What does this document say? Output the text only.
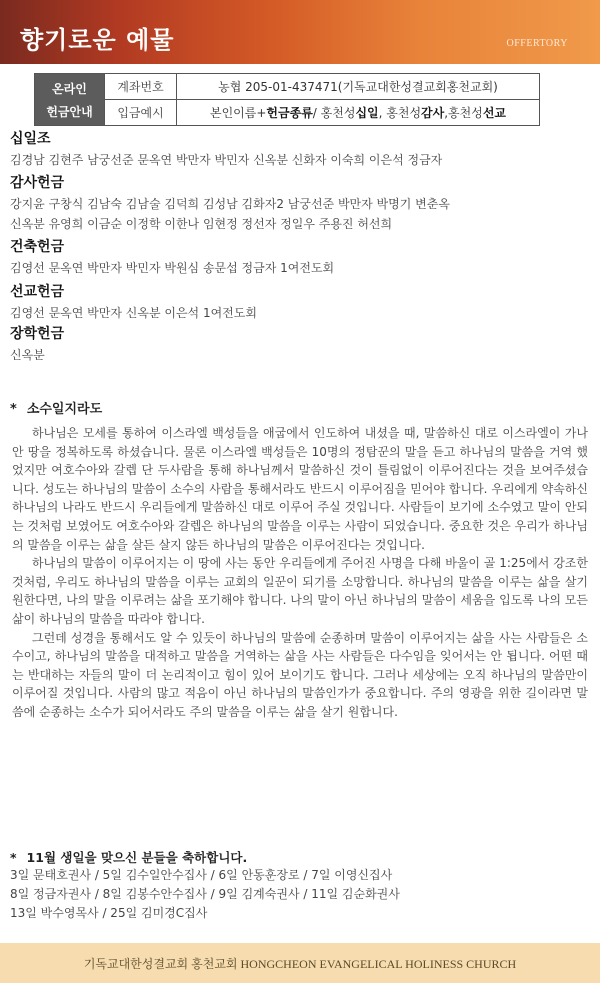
향기로운 예물	OFFERTORY
온라인
헌금안내	계좌번호	농협 205-01-437471(기독교대한성결교회홍천교회)
	입금예시	본인이름+헌금종류/ 홍천성십일, 홍천성감사,홍천성선교
십일조
김경남 김현주 남궁선준 문옥연 박만자 박민자 신옥분 신화자 이숙희 이은석 정금자
감사헌금
강지윤 구창식 김남숙 김남술 김덕희 김성남 김화자2 남궁선준 박만자 박명기 변춘옥
신옥분 유영희 이금순 이정학 이한나 임현정 정선자 정일우 주용진 허선희
건축헌금
김영선 문옥연 박만자 박민자 박원심 송문섭 정금자 1여전도회
선교헌금
김영선 문옥연 박만자 신옥분 이은석 1여전도회
장학헌금
신옥분
* 소수일지라도

하나님은 모세를 통하여 이스라엘 백성들을 애굽에서 인도하여 내셨을 때, 말씀하신 대로 이스라엘이 가나안 땅을 정복하도록 하셨습니다. 물론 이스라엘 백성들은 10명의 정탐꾼의 말을 듣고 하나님의 말씀을 거역 했었지만 여호수아와 갈렙 단 두사람을 통해 하나님께서 말씀하신 것이 틀림없이 이루어진다는 것을 보여주셨습니다. 성도는 하나님의 말씀이 소수의 사람을 통해서라도 반드시 이루어짐을 믿어야 합니다. 우리에게 약속하신 하나님의 나라도 반드시 우리들에게 말씀하신 대로 이루어 주실 것입니다. 사람들이 보기에 소수였고 말이 안되는 것처럼 보였어도 여호수아와 갈렙은 하나님의 말씀을 이루는 사람이 되었습니다. 중요한 것은 우리가 하나님의 말씀을 이루는 삶을 살든 살지 않든 하나님의 말씀은 이루어진다는 것입니다.

하나님의 말씀이 이루어지는 이 땅에 사는 동안 우리들에게 주어진 사명을 다해 바울이 골 1:25에서 강조한 것처럼, 우리도 하나님의 말씀을 이루는 교회의 일꾼이 되기를 소망합니다. 하나님의 말씀을 이루는 삶을 살기 원한다면, 나의 말을 이루려는 삶을 포기해야 합니다. 나의 말이 아닌 하나님의 말씀이 세움을 입도록 나의 모든 삶이 하나님의 말씀을 따라야 합니다.

그런데 성경을 통해서도 알 수 있듯이 하나님의 말씀에 순종하며 말씀이 이루어지는 삶을 사는 사람들은 소수이고, 하나님의 말씀을 대적하고 말씀을 거역하는 삶을 사는 사람들은 다수임을 잊어서는 안 됩니다. 어떤 때는 반대하는 자들의 말이 더 논리적이고 힘이 있어 보이기도 합니다. 그러나 세상에는 오직 하나님의 말씀만이 이루어질 것입니다. 사람의 많고 적음이 아닌 하나님의 말씀인가가 중요합니다. 주의 영광을 위한 길이라면 말씀에 순종하는 소수가 되어서라도 주의 말씀을 이루는 삶을 살기 원합니다.

* 11월 생일을 맞으신 분들을 축하합니다.
3일 문태호권사 / 5일 김수일안수집사 / 6일 안동훈장로 / 7일 이영신집사
8일 정금자권사 / 8일 김봉수안수집사 / 9일 김계숙권사 / 11일 김순화권사
13일 박수영목사 / 25일 김미경C집사
기독교대한성결교회 홍천교회 HONGCHEON EVANGELICAL HOLINESS CHURCH
